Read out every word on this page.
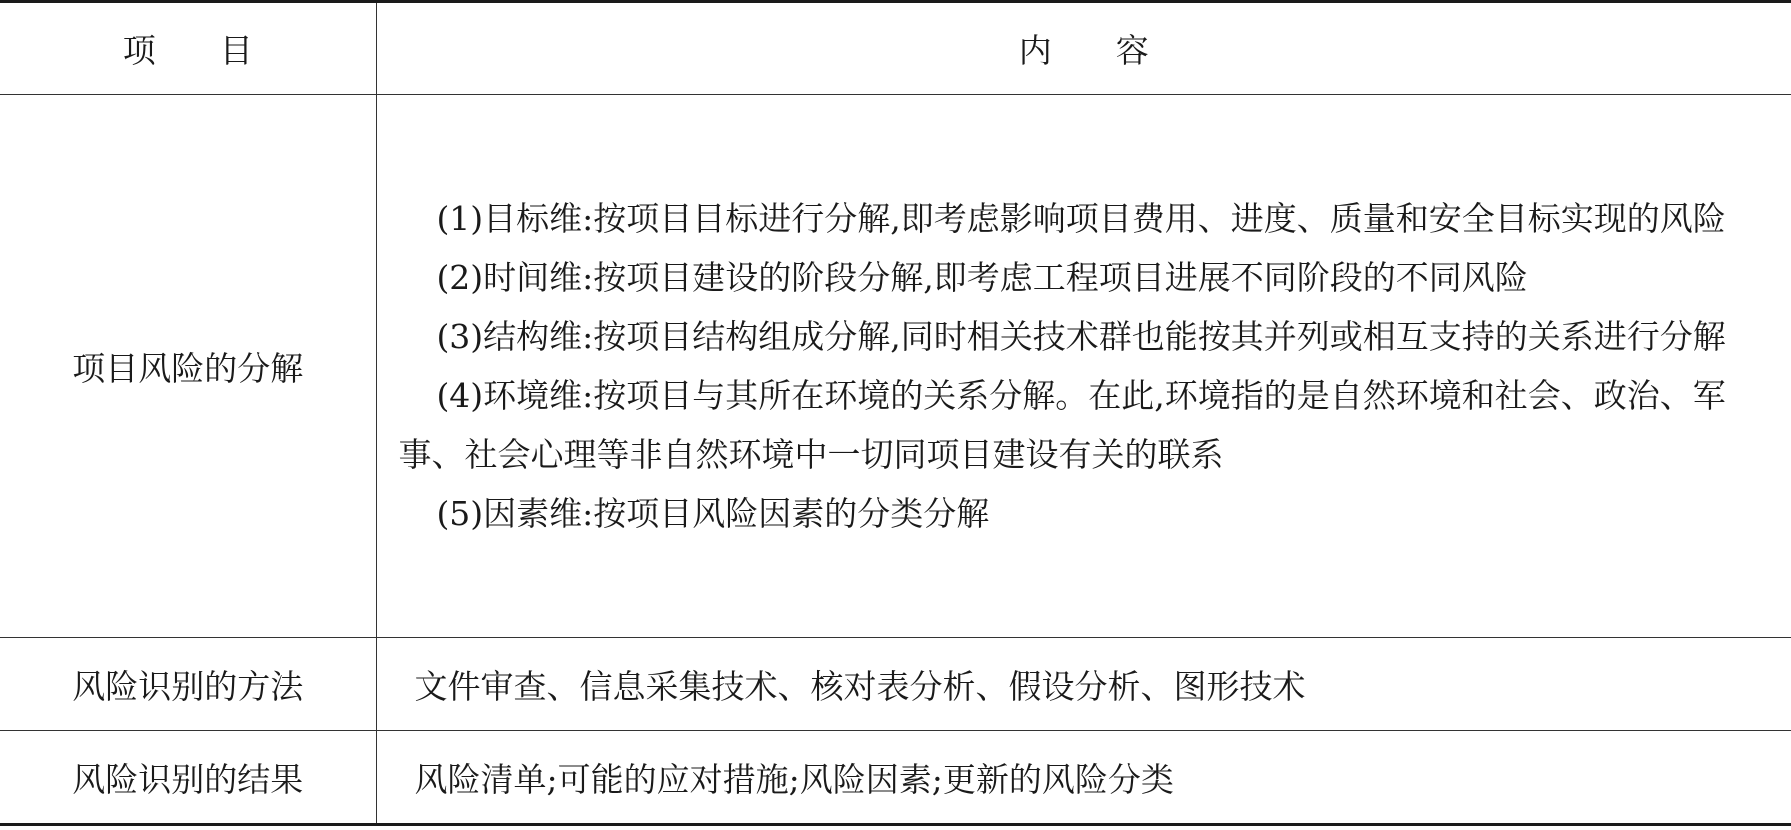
项 目	内 容
项目风险的分解	(1)目标维:按项目目标进行分解,即考虑影响项目费用、进度、质量和安全目标实现的风险

(2)时间维:按项目建设的阶段分解,即考虑工程项目进展不同阶段的不同风险

(3)结构维:按项目结构组成分解,同时相关技术群也能按其并列或相互支持的关系进行分解

(4)环境维:按项目与其所在环境的关系分解。在此,环境指的是自然环境和社会、政治、军事、社会心理等非自然环境中一切同项目建设有关的联系

(5)因素维:按项目风险因素的分类分解

风险识别的方法	文件审查、信息采集技术、核对表分析、假设分析、图形技术
风险识别的结果	风险清单;可能的应对措施;风险因素;更新的风险分类
